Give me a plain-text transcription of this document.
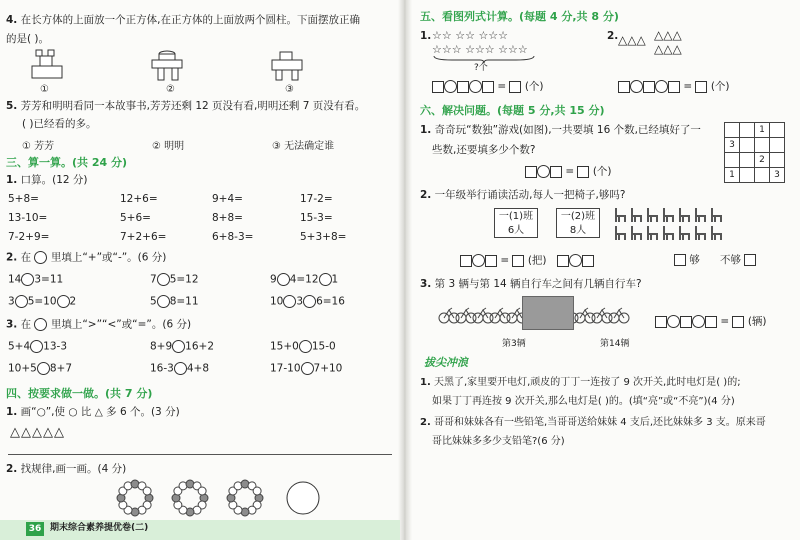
4. 在长方体的上面放一个正方体,在正方体的上面放两个圆柱。下面摆放正确
的是( )。
①	②	③
5. 芳芳和明明看同一本故事书,芳芳还剩 12 页没有看,明明还剩 7 页没有看。
( )已经看的多。
① 芳芳	② 明明	③ 无法确定谁
三、算一算。(共 24 分)
1. 口算。(12 分)
2. 在 里填上“+”或“-”。(6 分)
3. 在 里填上“>”“<”或“=”。(6 分)
四、按要求做一做。(共 7 分)
1. 画“○”,使 ○ 比 △ 多 6 个。(3 分)
△△△△△
2. 找规律,画一画。(4 分)
36 期末综合素养提优卷(二)
五、看图列式计算。(每题 4 分,共 8 分)
1. ☆☆ ☆☆ ☆☆☆
☆☆☆ ☆☆☆ ☆☆☆
?个
=  (个)
2. △△△ △△△
△△△
=  (个)
六、解决问题。(每题 5 分,共 15 分)
1. 奇奇玩“数独”游戏(如图),一共要填 16 个数,已经填好了一
些数,还要填多少个数?
		1	
3			
		2	
1			3
=  (个)
2. 一年级举行诵读活动,每人一把椅子,够吗?
一(1)班
6人
一(2)班
8人
=  (把)	够 不够
3. 第 3 辆与第 14 辆自行车之间有几辆自行车?
第3辆	第14辆
=  (辆)
拔尖冲浪
1. 天黑了,家里要开电灯,顽皮的丁丁一连按了 9 次开关,此时电灯是( )的;
如果丁丁再连按 9 次开关,那么电灯是( )的。(填“亮”或“不亮”)(4 分)
2. 哥哥和妹妹各有一些铅笔,当哥哥送给妹妹 4 支后,还比妹妹多 3 支。原来哥
哥比妹妹多多少支铅笔?(6 分)
5+8=	12+6=	9+4=	17-2=
13-10=	5+6=	8+8=	15-3=
7-2+9=	7+2+6=	6+8-3=	5+3+8=
14 3=11	7 5=12	9 4=12 1
3 5=10 2	5 8=11	10 3 6=16
5+4 13-3	8+9 16+2	15+0 15-0
10+5 8+7	16-3 4+8	17-10 7+10
